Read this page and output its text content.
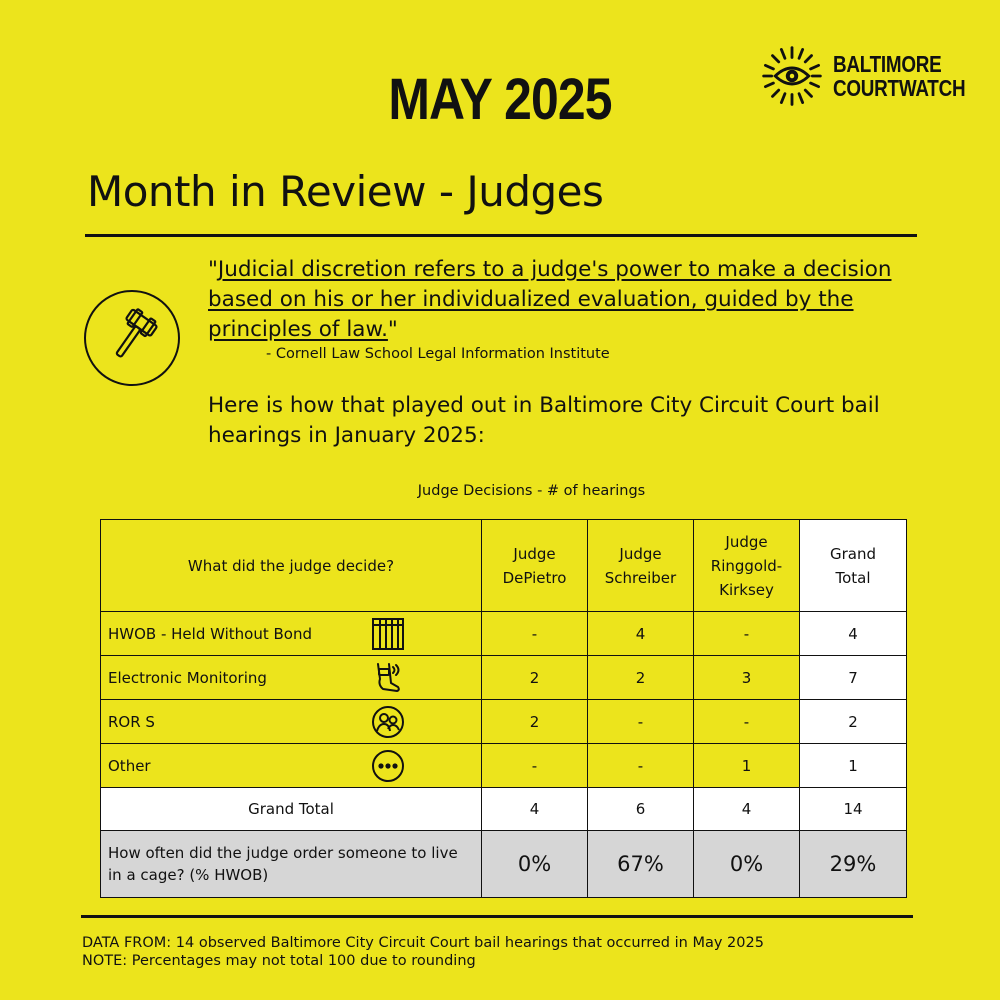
MAY 2025
BALTIMORE
COURTWATCH
Month in Review - Judges
"Judicial discretion refers to a judge's power to make a decision based on his or her individualized evaluation, guided by the principles of law."
- Cornell Law School Legal Information Institute
Here is how that played out in Baltimore City Circuit Court bail hearings in January 2025:
Judge Decisions - # of hearings
What did the judge decide?	Judge DePietro	Judge Schreiber	Judge Ringgold-Kirksey	Grand Total

HWOB - Held Without Bond	-	4	-	4
Electronic Monitoring	2	2	3	7
ROR S	2	-	-	2
Other	-	-	1	1
Grand Total	4	6	4	14
How often did the judge order someone to live in a cage? (% HWOB)	0%	67%	0%	29%
DATA FROM: 14 observed Baltimore City Circuit Court bail hearings that occurred in May 2025
NOTE: Percentages may not total 100 due to rounding
